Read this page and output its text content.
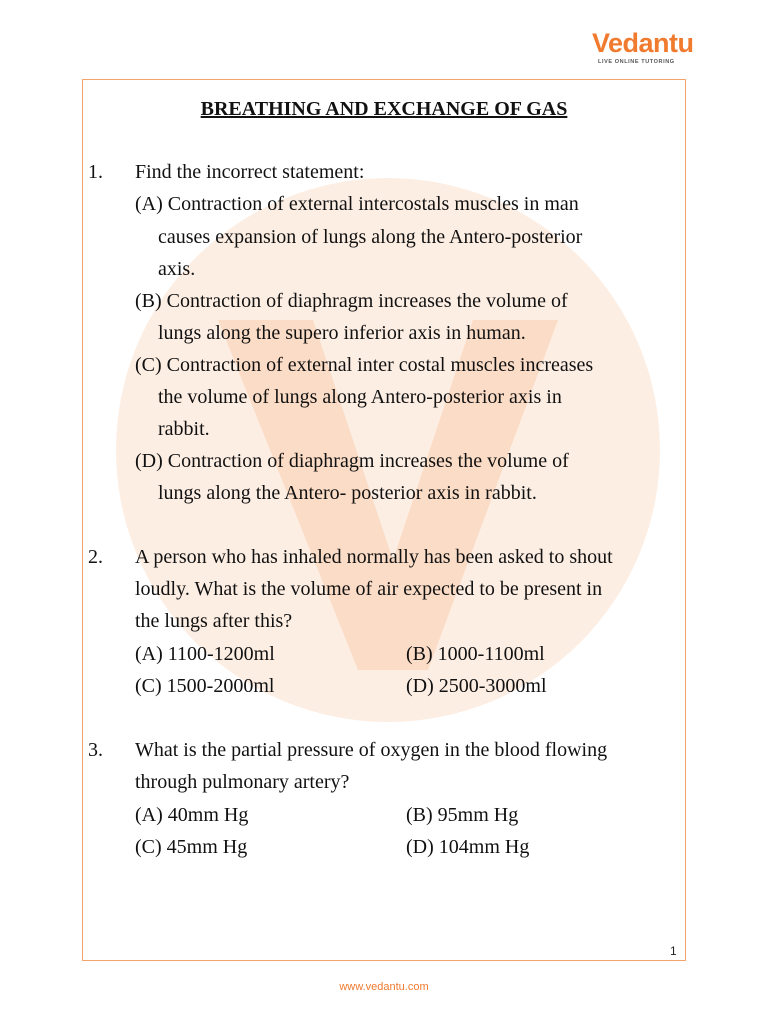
Vedantu
LIVE ONLINE TUTORING
BREATHING AND EXCHANGE OF GAS
1. Find the incorrect statement:
(A) Contraction of external intercostals muscles in man
causes expansion of lungs along the Antero-posterior
axis.
(B) Contraction of diaphragm increases the volume of
lungs along the supero inferior axis in human.
(C) Contraction of external inter costal muscles increases
the volume of lungs along Antero-posterior axis in
rabbit.
(D) Contraction of diaphragm increases the volume of
lungs along the Antero- posterior axis in rabbit.
2. A person who has inhaled normally has been asked to shout
loudly. What is the volume of air expected to be present in
the lungs after this?
(A) 1100-1200ml	(B) 1000-1100ml
(C) 1500-2000ml	(D) 2500-3000ml
3. What is the partial pressure of oxygen in the blood flowing
through pulmonary artery?
(A) 40mm Hg	(B) 95mm Hg
(C) 45mm Hg	(D) 104mm Hg
1
www.vedantu.com
